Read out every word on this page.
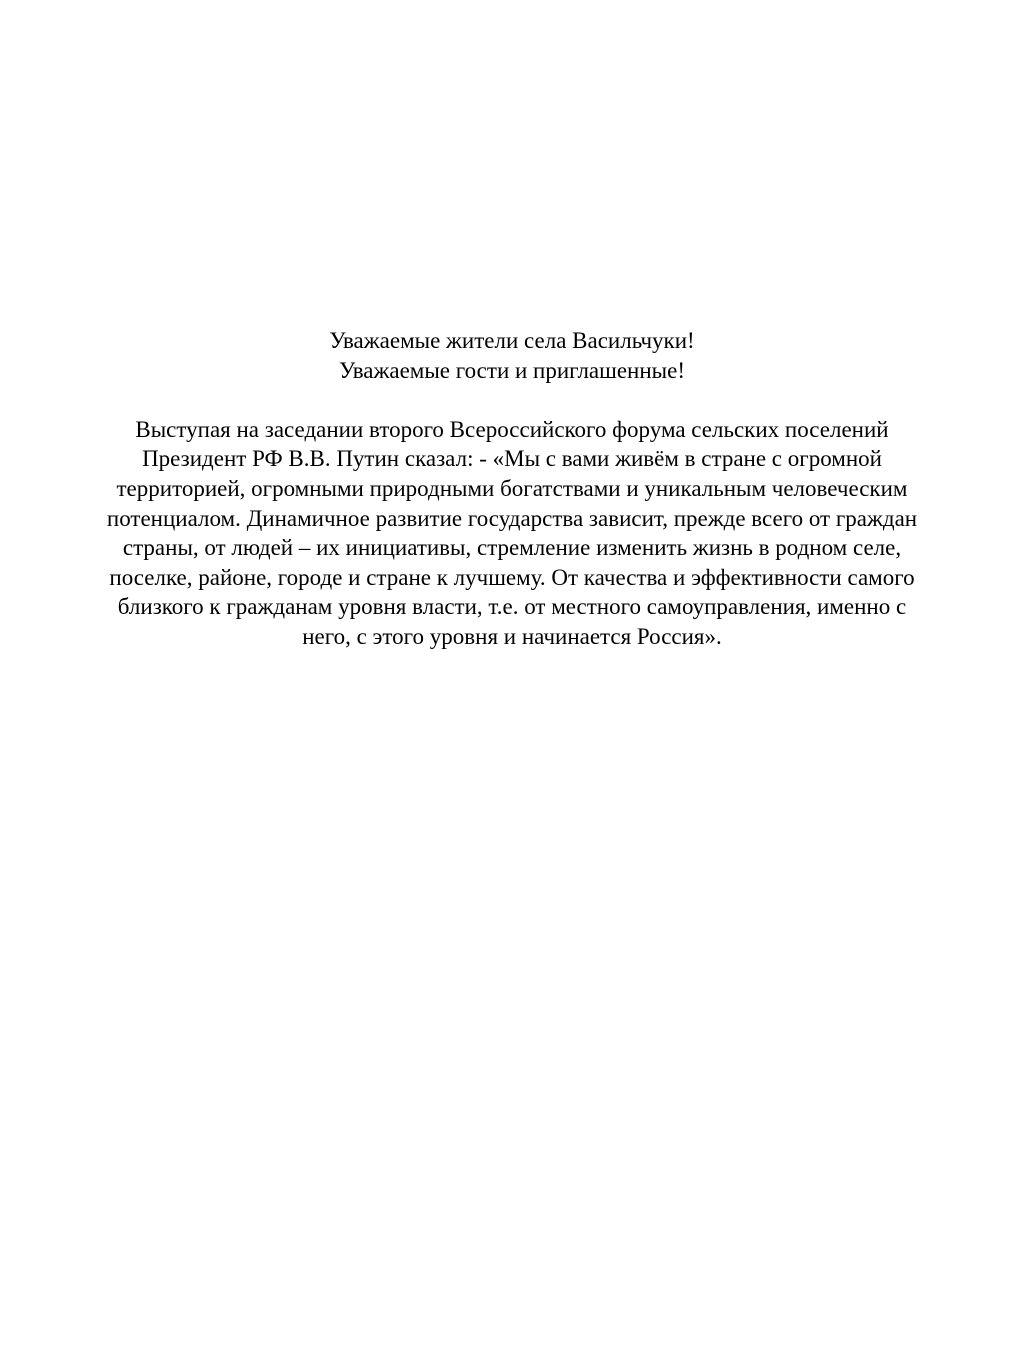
Уважаемые жители села Васильчуки!
Уважаемые гости и приглашенные!
Выступая на заседании второго Всероссийского форума сельских поселений
Президент РФ В.В. Путин сказал: - «Мы с вами живём в стране с огромной
территорией, огромными природными богатствами и уникальным человеческим
потенциалом. Динамичное развитие государства зависит, прежде всего от граждан
страны, от людей – их инициативы, стремление изменить жизнь в родном селе,
поселке, районе, городе и стране к лучшему. От качества и эффективности самого
близкого к гражданам уровня власти, т.е. от местного самоуправления, именно с
него, с этого уровня и начинается Россия».
